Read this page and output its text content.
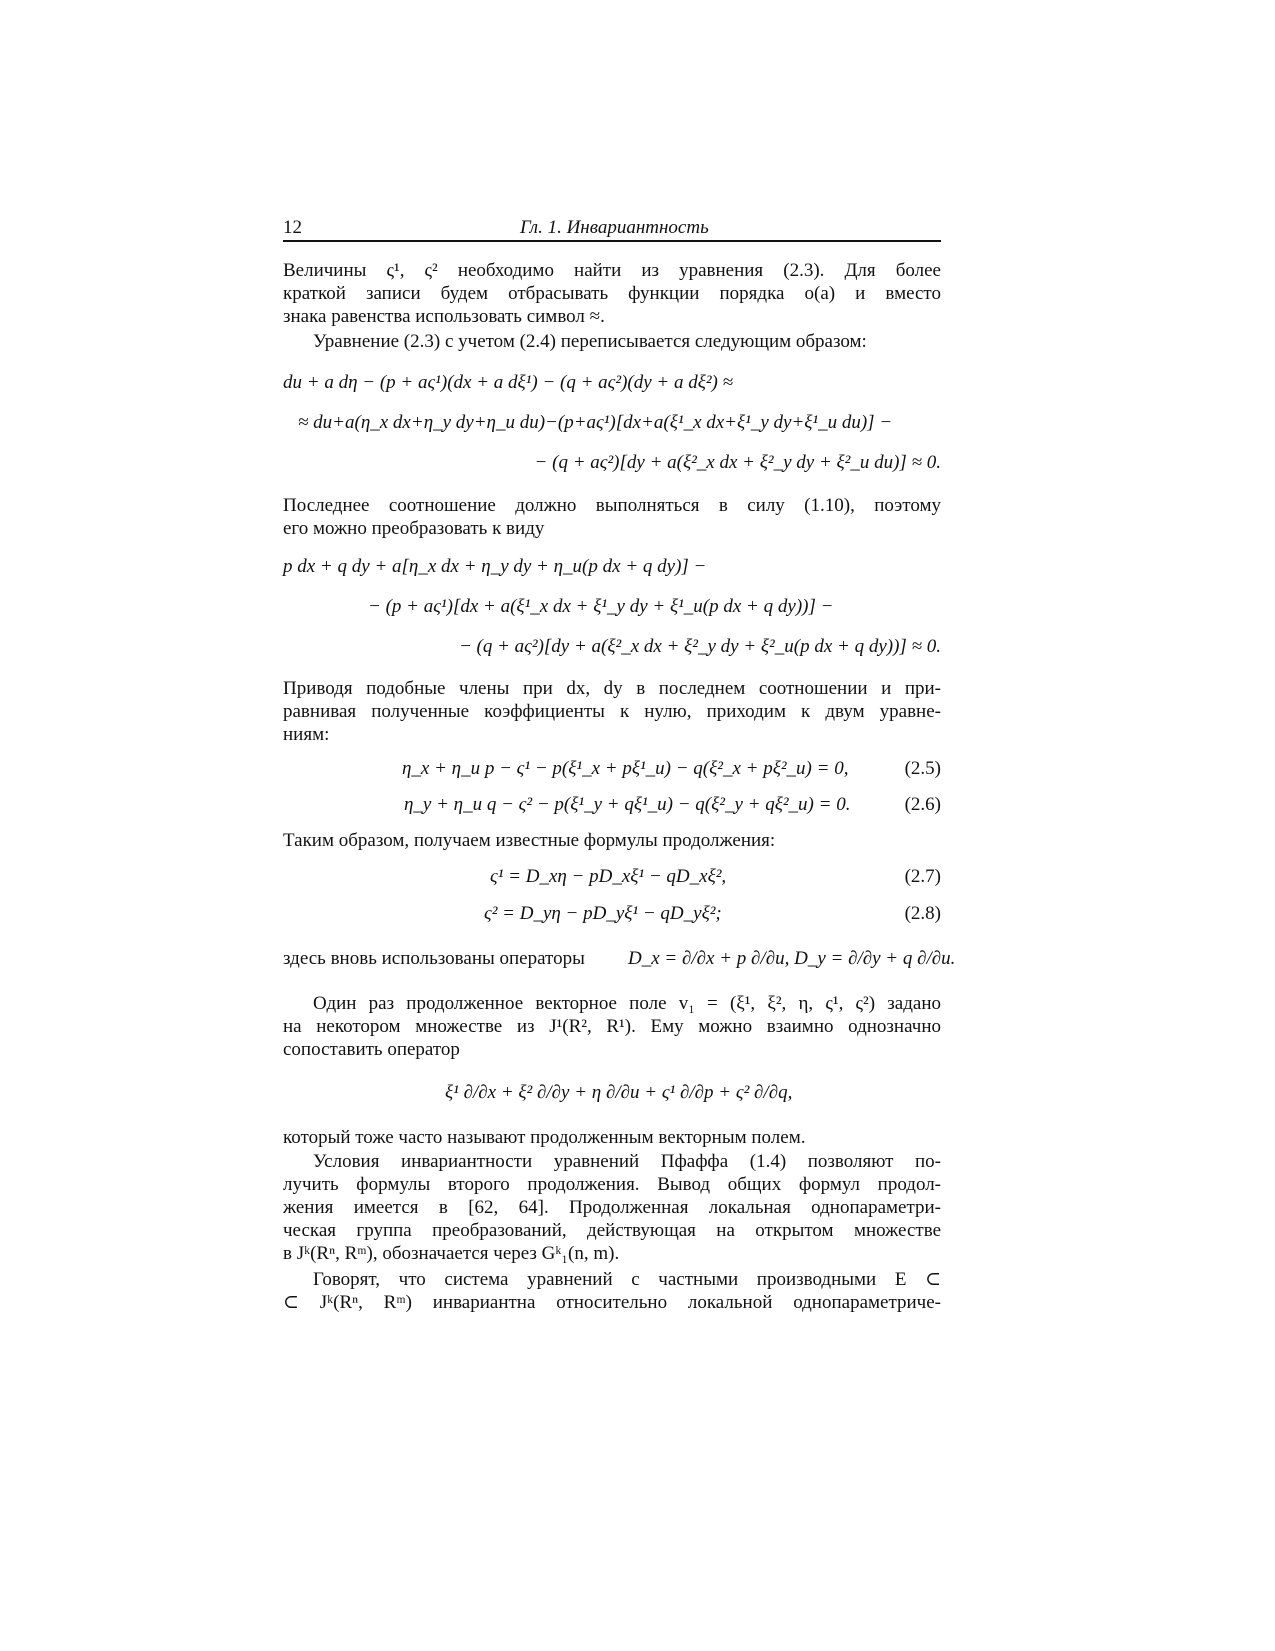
12	Гл. 1. Инвариантность
Величины ς¹, ς² необходимо найти из уравнения (2.3). Для более
краткой записи будем отбрасывать функции порядка o(a) и вместо
знака равенства использовать символ ≈.
Уравнение (2.3) с учетом (2.4) переписывается следующим образом:
du + a dη − (p + aς¹)(dx + a dξ¹) − (q + aς²)(dy + a dξ²) ≈
≈ du+a(η_x dx+η_y dy+η_u du)−(p+aς¹)[dx+a(ξ¹_x dx+ξ¹_y dy+ξ¹_u du)] −
− (q + aς²)[dy + a(ξ²_x dx + ξ²_y dy + ξ²_u du)] ≈ 0.
Последнее соотношение должно выполняться в силу (1.10), поэтому
его можно преобразовать к виду
p dx + q dy + a[η_x dx + η_y dy + η_u(p dx + q dy)] −
− (p + aς¹)[dx + a(ξ¹_x dx + ξ¹_y dy + ξ¹_u(p dx + q dy))] −
− (q + aς²)[dy + a(ξ²_x dx + ξ²_y dy + ξ²_u(p dx + q dy))] ≈ 0.
Приводя подобные члены при dx, dy в последнем соотношении и при-
равнивая полученные коэффициенты к нулю, приходим к двум уравне-
ниям:
η_x + η_u p − ς¹ − p(ξ¹_x + pξ¹_u) − q(ξ²_x + pξ²_u) = 0,	(2.5)
η_y + η_u q − ς² − p(ξ¹_y + qξ¹_u) − q(ξ²_y + qξ²_u) = 0.	(2.6)
Таким образом, получаем известные формулы продолжения:
ς¹ = D_xη − pD_xξ¹ − qD_xξ²,	(2.7)
ς² = D_yη − pD_yξ¹ − qD_yξ²;	(2.8)
здесь вновь использованы операторы D_x = ∂/∂x + p ∂/∂u, D_y = ∂/∂y + q ∂/∂u.
Один раз продолженное векторное поле v₁ = (ξ¹, ξ², η, ς¹, ς²) задано
на некотором множестве из J¹(R², R¹). Ему можно взаимно однозначно
сопоставить оператор
ξ¹ ∂/∂x + ξ² ∂/∂y + η ∂/∂u + ς¹ ∂/∂p + ς² ∂/∂q,
который тоже часто называют продолженным векторным полем.
Условия инвариантности уравнений Пфаффа (1.4) позволяют по-
лучить формулы второго продолжения. Вывод общих формул продол-
жения имеется в [62, 64]. Продолженная локальная однопараметри-
ческая группа преобразований, действующая на открытом множестве
в Jᵏ(Rⁿ, Rᵐ), обозначается через Gᵏ₁(n, m).
Говорят, что система уравнений с частными производными E ⊂
⊂ Jᵏ(Rⁿ, Rᵐ) инвариантна относительно локальной однопараметриче-
